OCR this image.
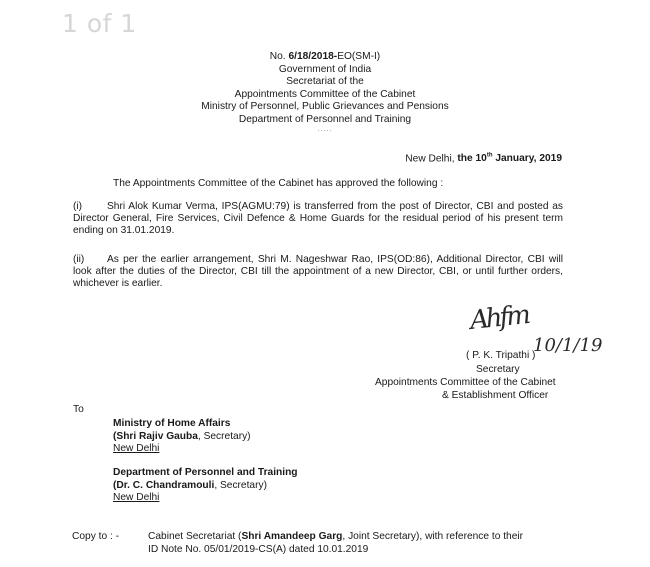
1 of 1
No. 6/18/2018-EO(SM-I)
Government of India
Secretariat of the
Appointments Committee of the Cabinet
Ministry of Personnel, Public Grievances and Pensions
Department of Personnel and Training
.....
New Delhi, the 10th January, 2019
The Appointments Committee of the Cabinet has approved the following :
(i) Shri Alok Kumar Verma, IPS(AGMU:79) is transferred from the post of Director, CBI and posted as Director General, Fire Services, Civil Defence & Home Guards for the residual period of his present term ending on 31.01.2019.
(ii) As per the earlier arrangement, Shri M. Nageshwar Rao, IPS(OD:86), Additional Director, CBI will look after the duties of the Director, CBI till the appointment of a new Director, CBI, or until further orders, whichever is earlier.
Ahfm
10/1/19
( P. K. Tripathi )
Secretary
Appointments Committee of the Cabinet
& Establishment Officer
To
Ministry of Home Affairs
(Shri Rajiv Gauba, Secretary)
New Delhi
Department of Personnel and Training
(Dr. C. Chandramouli, Secretary)
New Delhi
Copy to : -	Cabinet Secretariat (Shri Amandeep Garg, Joint Secretary), with reference to their
ID Note No. 05/01/2019-CS(A) dated 10.01.2019
